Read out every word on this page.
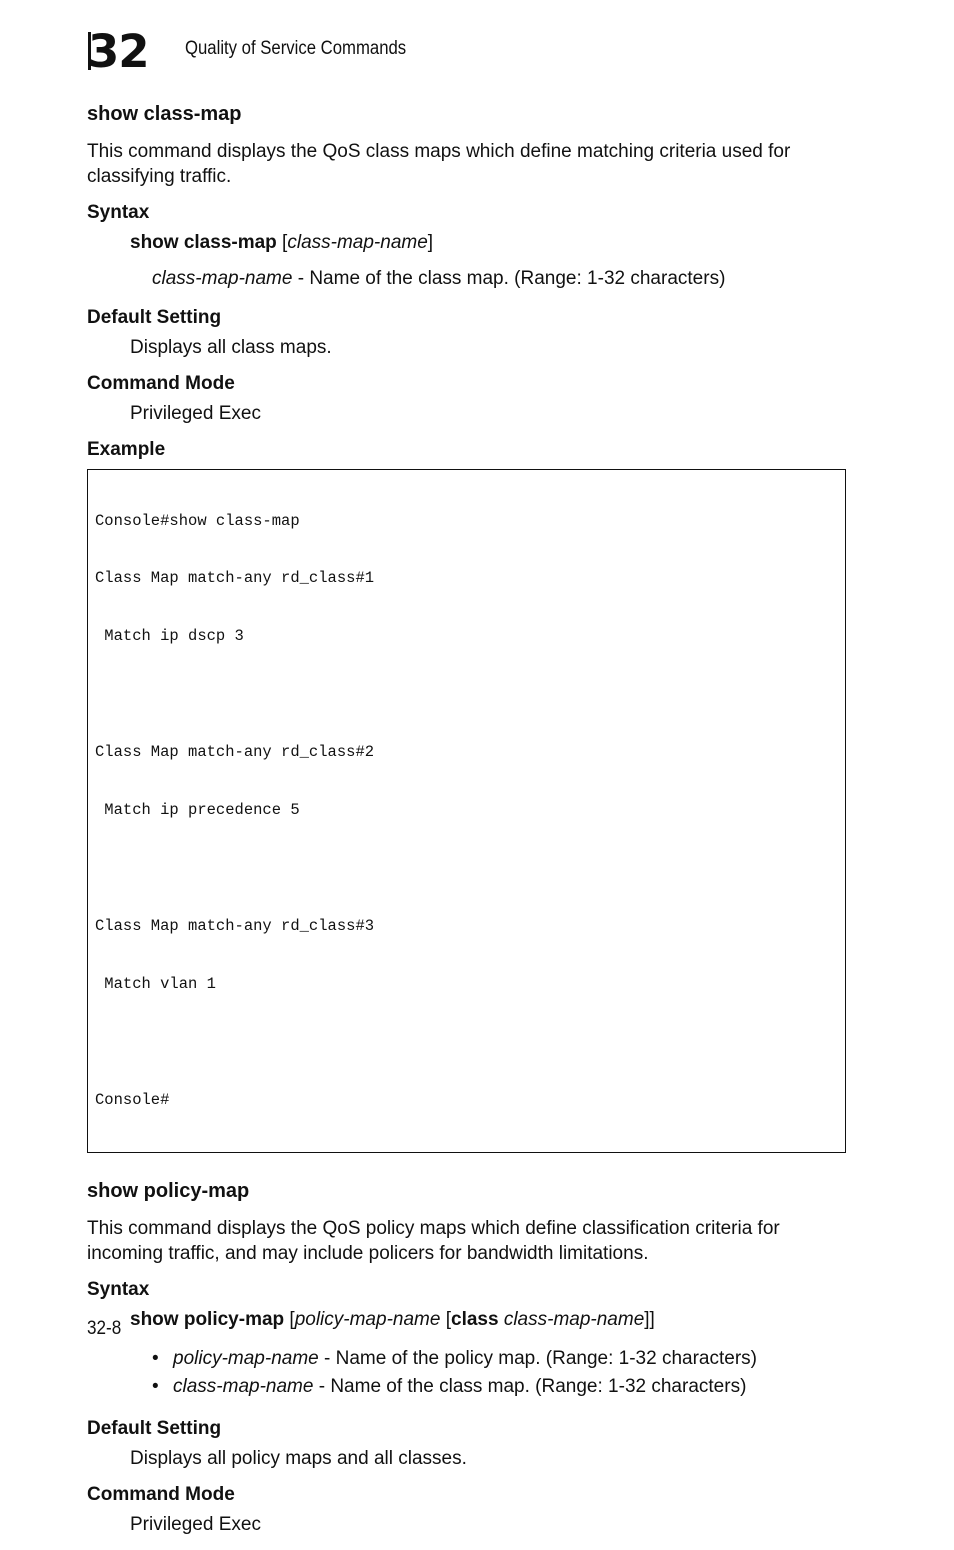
32 Quality of Service Commands
show class-map
This command displays the QoS class maps which define matching criteria used for classifying traffic.
Syntax
show class-map [class-map-name]
class-map-name - Name of the class map. (Range: 1-32 characters)
Default Setting
Displays all class maps.
Command Mode
Privileged Exec
Example

Console#show class-map

Class Map match-any rd_class#1

Match ip dscp 3

Class Map match-any rd_class#2

Match ip precedence 5

Class Map match-any rd_class#3

Match vlan 1

Console#

show policy-map
This command displays the QoS policy maps which define classification criteria for incoming traffic, and may include policers for bandwidth limitations.
Syntax
show policy-map [policy-map-name [class class-map-name]]
• policy-map-name - Name of the policy map. (Range: 1-32 characters)
• class-map-name - Name of the class map. (Range: 1-32 characters)
Default Setting
Displays all policy maps and all classes.
Command Mode
Privileged Exec
32-8
